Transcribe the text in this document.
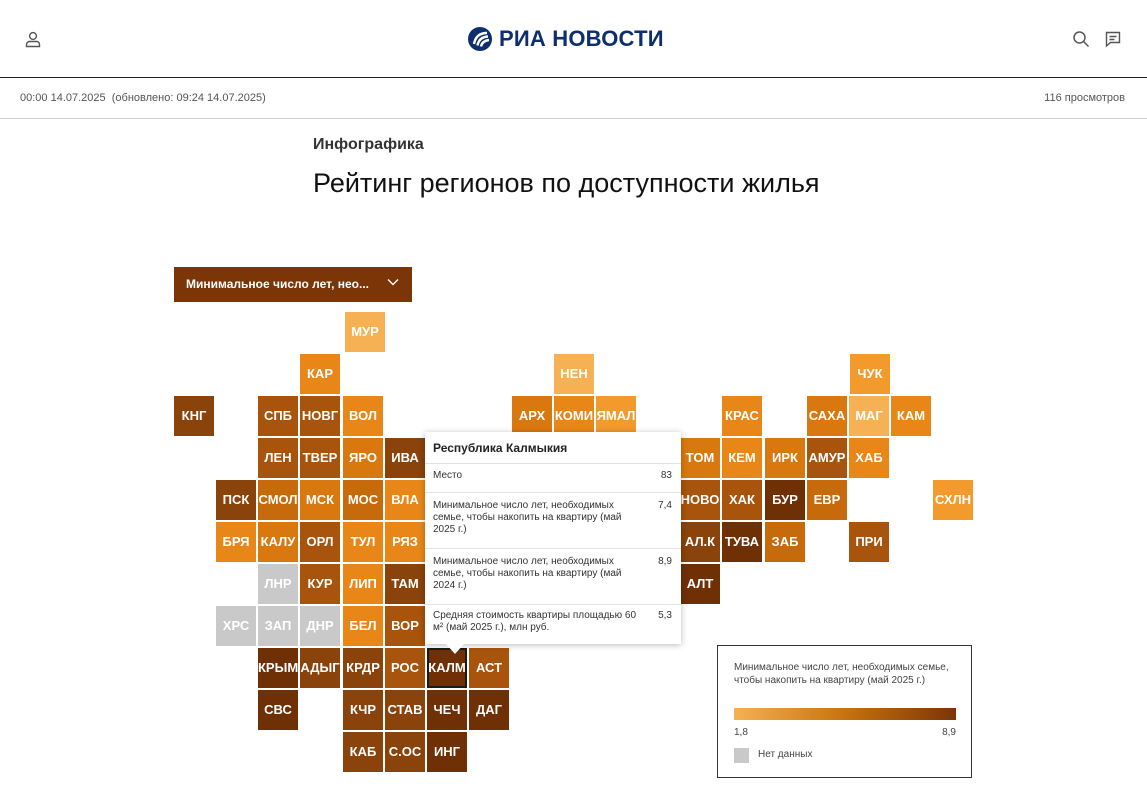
РИА НОВОСТИ
00:00 14.07.2025 (обновлено: 09:24 14.07.2025)	116 просмотров
Инфографика
Рейтинг регионов по доступности жилья
Минимальное число лет, нео...
МУР
КАР	НЕН	ЧУК
КНГ	СПБ НОВГ ВОЛ	АРХ КОМИ ЯМАЛ	КРАС	САХА МАГ	КАМ
ЛЕН ТВЕР ЯРО	ИВА	ТОМ	КЕМ	ИРК АМУР ХАБ
ПСК СМОЛ МСК	МОС	ВЛА	НОВО ХАК	БУР	ЕВР	СХЛН
БРЯ КАЛУ ОРЛ	ТУЛ	РЯЗ	АЛ.К ТУВА ЗАБ	ПРИ
ЛНР	КУР	ЛИП	ТАМ	АЛТ
ХРС	ЗАП	ДНР	БЕЛ	ВОР
КРЫМ АДЫГ КРДР РОС КАЛМ АСТ
СВС	КЧР СТАВ ЧЕЧ	ДАГ
КАБ С.ОС ИНГ
Республика Калмыкия
Место	83
Минимальное число лет, необходимых семье, чтобы накопить на квартиру (май 2025 г.)
7,4
Минимальное число лет, необходимых семье, чтобы накопить на квартиру (май 2024 г.)
8,9
Средняя стоимость квартиры площадью 60 м² (май 2025 г.), млн руб.
5,3
Минимальное число лет, необходимых семье, чтобы накопить на квартиру (май 2025 г.)
1,8	8,9
Нет данных
